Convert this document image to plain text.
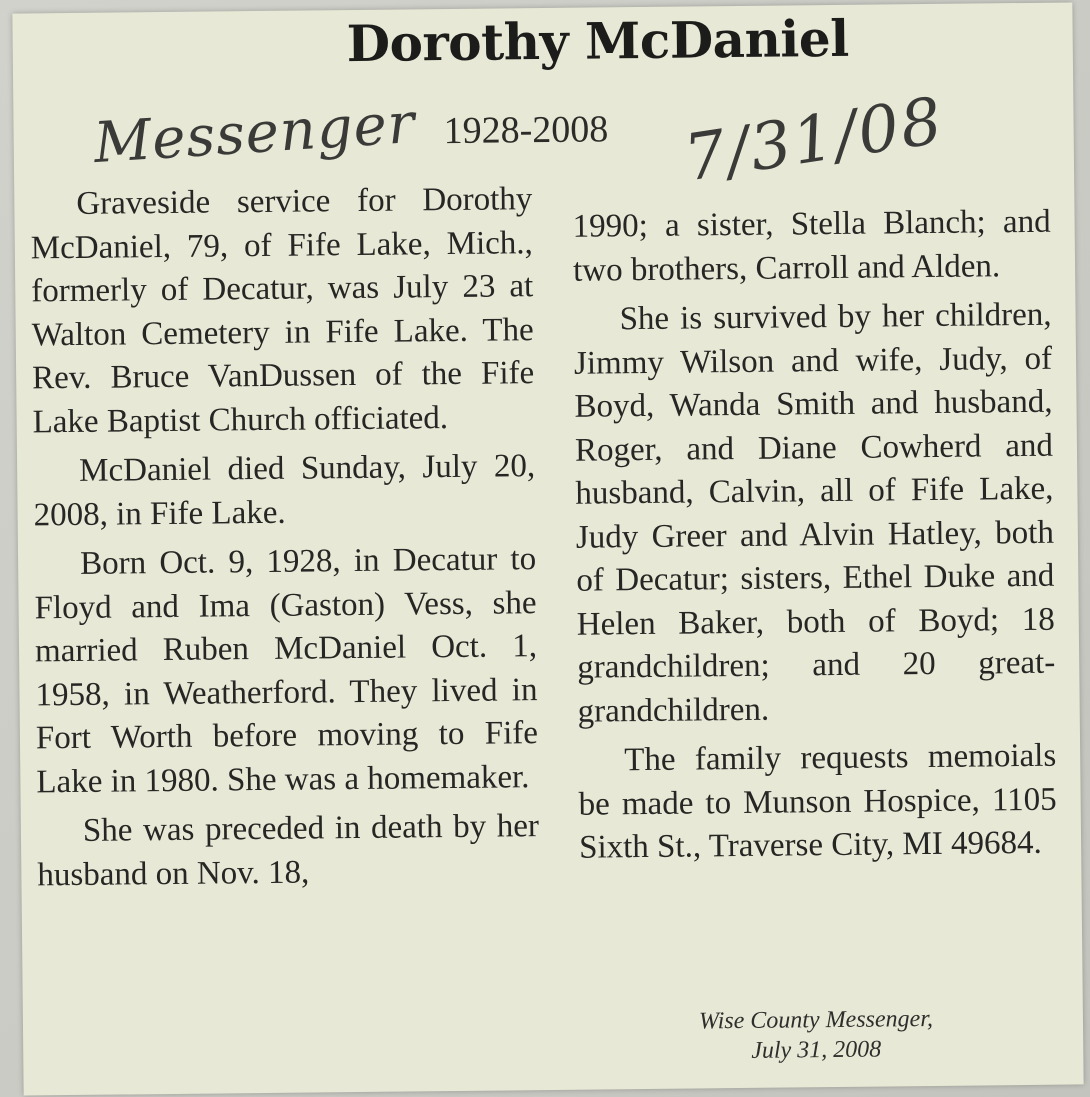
Dorothy McDaniel
Messenger 1928-2008 7/31/08

Graveside service for Dorothy McDaniel, 79, of Fife Lake, Mich., formerly of Decatur, was July 23 at Walton Cemetery in Fife Lake. The Rev. Bruce VanDussen of the Fife Lake Baptist Church officiated.

McDaniel died Sunday, July 20, 2008, in Fife Lake.

Born Oct. 9, 1928, in Decatur to Floyd and Ima (Gaston) Vess, she married Ruben McDaniel Oct. 1, 1958, in Weatherford. They lived in Fort Worth before moving to Fife Lake in 1980. She was a homemaker.

She was preceded in death by her husband on Nov. 18,

1990; a sister, Stella Blanch; and two brothers, Carroll and Alden.

She is survived by her children, Jimmy Wilson and wife, Judy, of Boyd, Wanda Smith and husband, Roger, and Diane Cowherd and husband, Calvin, all of Fife Lake, Judy Greer and Alvin Hatley, both of Decatur; sisters, Ethel Duke and Helen Baker, both of Boyd; 18 grandchildren; and 20 great-grandchildren.

The family requests memoials be made to Munson Hospice, 1105 Sixth St., Traverse City, MI 49684.

Wise County Messenger,
July 31, 2008
